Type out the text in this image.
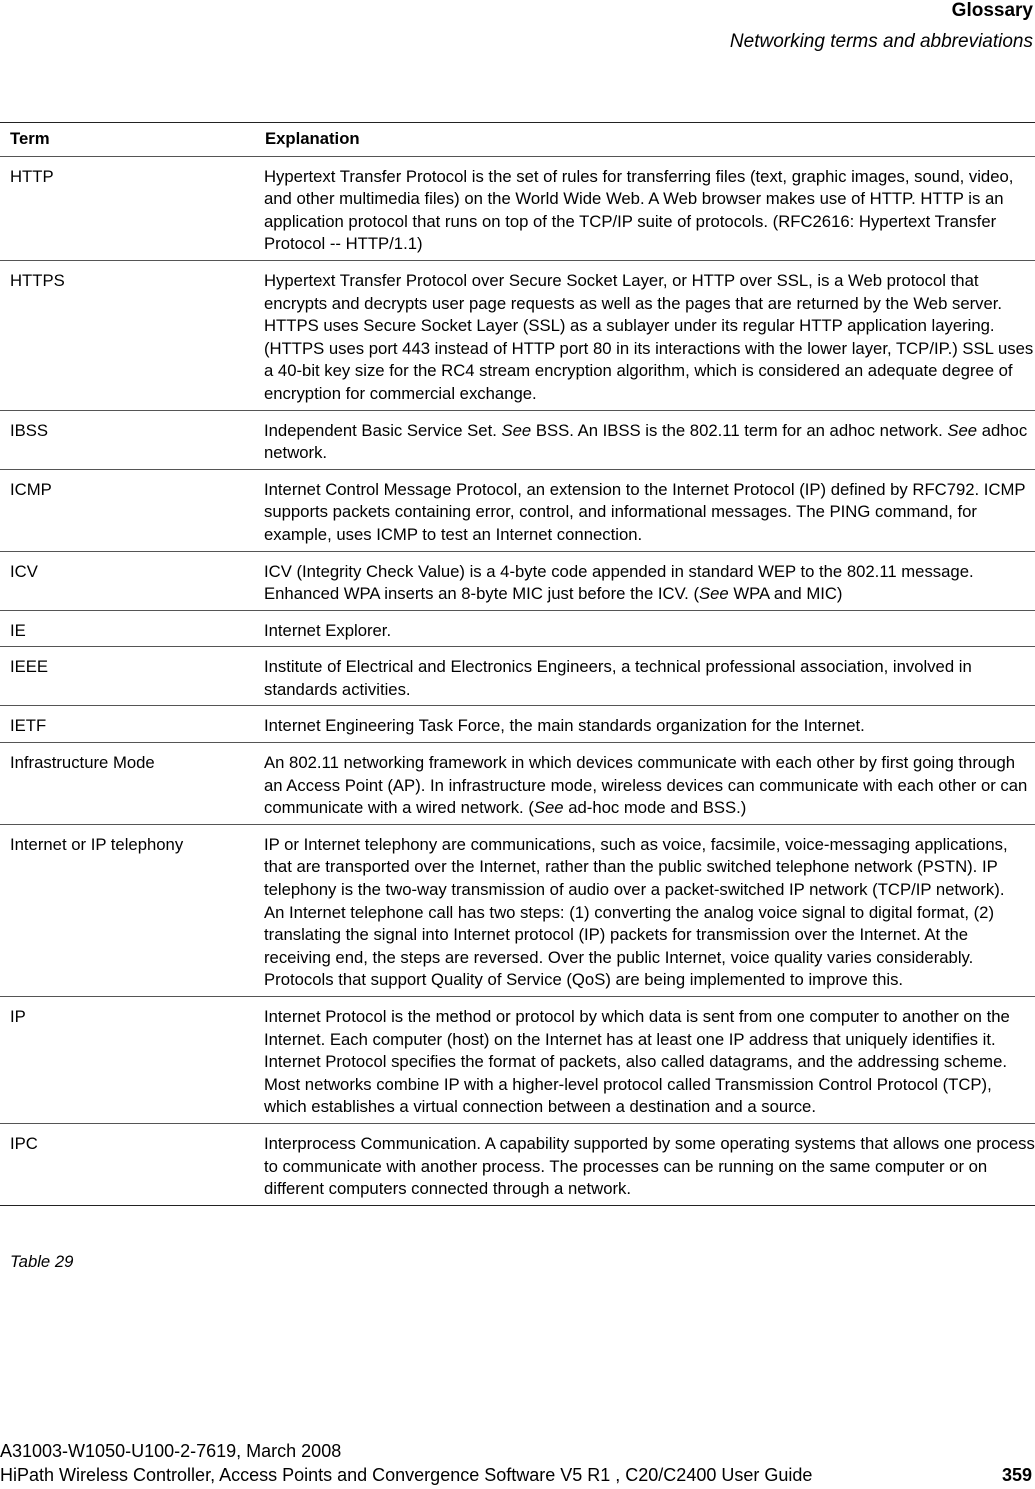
Glossary
Networking terms and abbreviations
Term	Explanation
HTTP	Hypertext Transfer Protocol is the set of rules for transferring files (text, graphic images, sound, video, and other multimedia files) on the World Wide Web. A Web browser makes use of HTTP. HTTP is an application protocol that runs on top of the TCP/IP suite of protocols. (RFC2616: Hypertext Transfer Protocol -- HTTP/1.1)
HTTPS	Hypertext Transfer Protocol over Secure Socket Layer, or HTTP over SSL, is a Web protocol that encrypts and decrypts user page requests as well as the pages that are returned by the Web server. HTTPS uses Secure Socket Layer (SSL) as a sublayer under its regular HTTP application layering. (HTTPS uses port 443 instead of HTTP port 80 in its interactions with the lower layer, TCP/IP.) SSL uses a 40-bit key size for the RC4 stream encryption algorithm, which is considered an adequate degree of encryption for commercial exchange.
IBSS	Independent Basic Service Set. See BSS. An IBSS is the 802.11 term for an adhoc network. See adhoc network.
ICMP	Internet Control Message Protocol, an extension to the Internet Protocol (IP) defined by RFC792. ICMP supports packets containing error, control, and informational messages. The PING command, for example, uses ICMP to test an Internet connection.
ICV	ICV (Integrity Check Value) is a 4-byte code appended in standard WEP to the 802.11 message. Enhanced WPA inserts an 8-byte MIC just before the ICV. (See WPA and MIC)
IE	Internet Explorer.
IEEE	Institute of Electrical and Electronics Engineers, a technical professional association, involved in standards activities.
IETF	Internet Engineering Task Force, the main standards organization for the Internet.
Infrastructure Mode	An 802.11 networking framework in which devices communicate with each other by first going through an Access Point (AP). In infrastructure mode, wireless devices can communicate with each other or can communicate with a wired network. (See ad-hoc mode and BSS.)
Internet or IP telephony	IP or Internet telephony are communications, such as voice, facsimile, voice-messaging applications, that are transported over the Internet, rather than the public switched telephone network (PSTN). IP telephony is the two-way transmission of audio over a packet-switched IP network (TCP/IP network).
An Internet telephone call has two steps: (1) converting the analog voice signal to digital format, (2) translating the signal into Internet protocol (IP) packets for transmission over the Internet. At the receiving end, the steps are reversed. Over the public Internet, voice quality varies considerably. Protocols that support Quality of Service (QoS) are being implemented to improve this.

IP	Internet Protocol is the method or protocol by which data is sent from one computer to another on the Internet. Each computer (host) on the Internet has at least one IP address that uniquely identifies it. Internet Protocol specifies the format of packets, also called datagrams, and the addressing scheme. Most networks combine IP with a higher-level protocol called Transmission Control Protocol (TCP), which establishes a virtual connection between a destination and a source.
IPC	Interprocess Communication. A capability supported by some operating systems that allows one process to communicate with another process. The processes can be running on the same computer or on different computers connected through a network.
Table 29
A31003-W1050-U100-2-7619, March 2008
HiPath Wireless Controller, Access Points and Convergence Software V5 R1 , C20/C2400 User Guide	359
